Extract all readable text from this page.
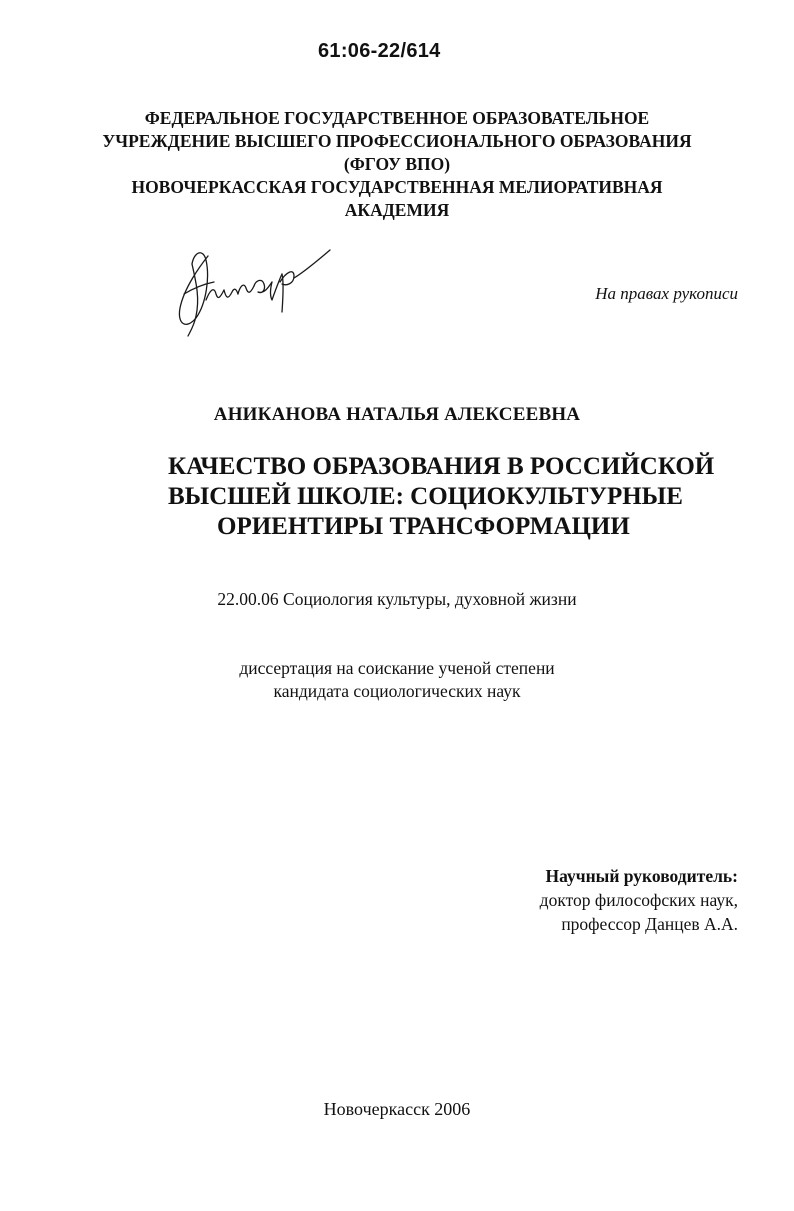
61:06-22/614
ФЕДЕРАЛЬНОЕ ГОСУДАРСТВЕННОЕ ОБРАЗОВАТЕЛЬНОЕ
УЧРЕЖДЕНИЕ ВЫСШЕГО ПРОФЕССИОНАЛЬНОГО ОБРАЗОВАНИЯ
(ФГОУ ВПО)
НОВОЧЕРКАССКАЯ ГОСУДАРСТВЕННАЯ МЕЛИОРАТИВНАЯ
АКАДЕМИЯ
На правах рукописи
АНИКАНОВА НАТАЛЬЯ АЛЕКСЕЕВНА
КАЧЕСТВО ОБРАЗОВАНИЯ В РОССИЙСКОЙ
ВЫСШЕЙ ШКОЛЕ: СОЦИОКУЛЬТУРНЫЕ
ОРИЕНТИРЫ ТРАНСФОРМАЦИИ
22.00.06 Социология культуры, духовной жизни
диссертация на соискание ученой степени
кандидата социологических наук
Научный руководитель:
доктор философских наук,
профессор Данцев А.А.
Новочеркасск 2006
